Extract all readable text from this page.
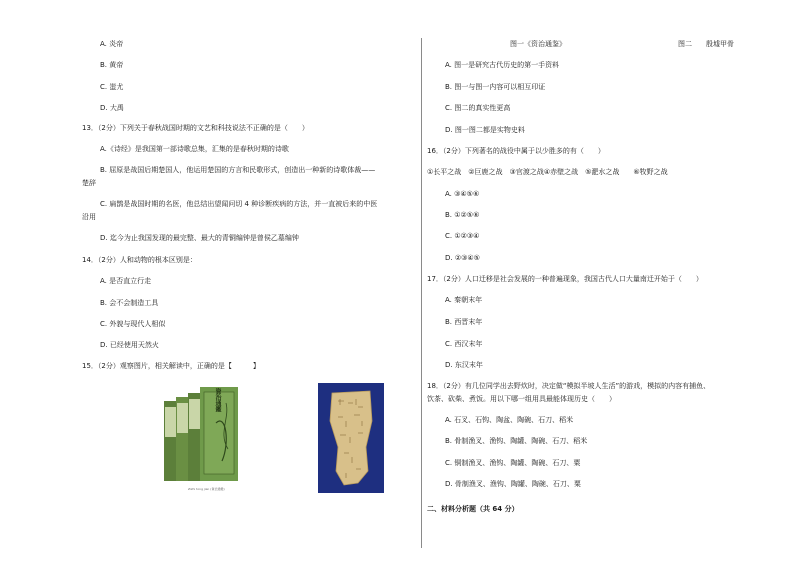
A. 炎帝
B. 黄帝
C. 蚩尤
D. 大禹
13．（2分）下列关于春秋战国时期的文艺和科技说法不正确的是（　　）
A.《诗经》是我国第一部诗歌总集，汇集的是春秋时期的诗歌
B. 屈原是战国后期楚国人，他运用楚国的方言和民歌形式，创造出一种新的诗歌体裁——
楚辞
C. 扁鹊是战国时期的名医，他总结出望闻问切 4 种诊断疾病的方法，并一直被后来的中医
沿用
D. 迄今为止我国发现的最完整、最大的青铜编钟是曾侯乙墓编钟
14．（2分）人和动物的根本区别是：
A. 是否直立行走
B. 会不会制造工具
C. 外貌与现代人相似
D. 已经使用天然火
15．（2分）观察图片，相关解读中，正确的是【　　　】
資治通鑑
Zizhi tong jian (資治通鑑)
图一《资治通鉴》	图二　　殷墟甲骨
A. 图一是研究古代历史的第一手资料
B. 图一与图一内容可以相互印证
C. 图二的真实性更高
D. 图一图二都是实物史料
16．（2分）下列著名的战役中属于以少胜多的有（　　）
①长平之战　②巨鹿之战　③官渡之战④赤壁之战　⑤淝水之战　　⑥牧野之战
A. ③④⑤⑥
B. ①②⑤⑥
C. ①②③④
D. ②③④⑤
17．（2分）人口迁移是社会发展的一种普遍现象，我国古代人口大量南迁开始于（　　）
A. 秦朝末年
B. 西晋末年
C. 西汉末年
D. 东汉末年
18．（2分）有几位同学出去野炊时，决定做“模拟半坡人生活”的游戏，模拟的内容有捕鱼、
饮茶、砍柴、煮饭。用以下哪一组用具最能体现历史（　　）
A. 石叉、石钩、陶盆、陶碗、石刀、稻米
B. 骨制渔叉、渔钩、陶罐、陶碗、石刀、稻米
C. 铜制渔叉、渔钩、陶罐、陶碗、石刀、粟
D. 骨制渔叉、渔钩、陶罐、陶碗、石刀、粟
二、材料分析题（共 64 分）
